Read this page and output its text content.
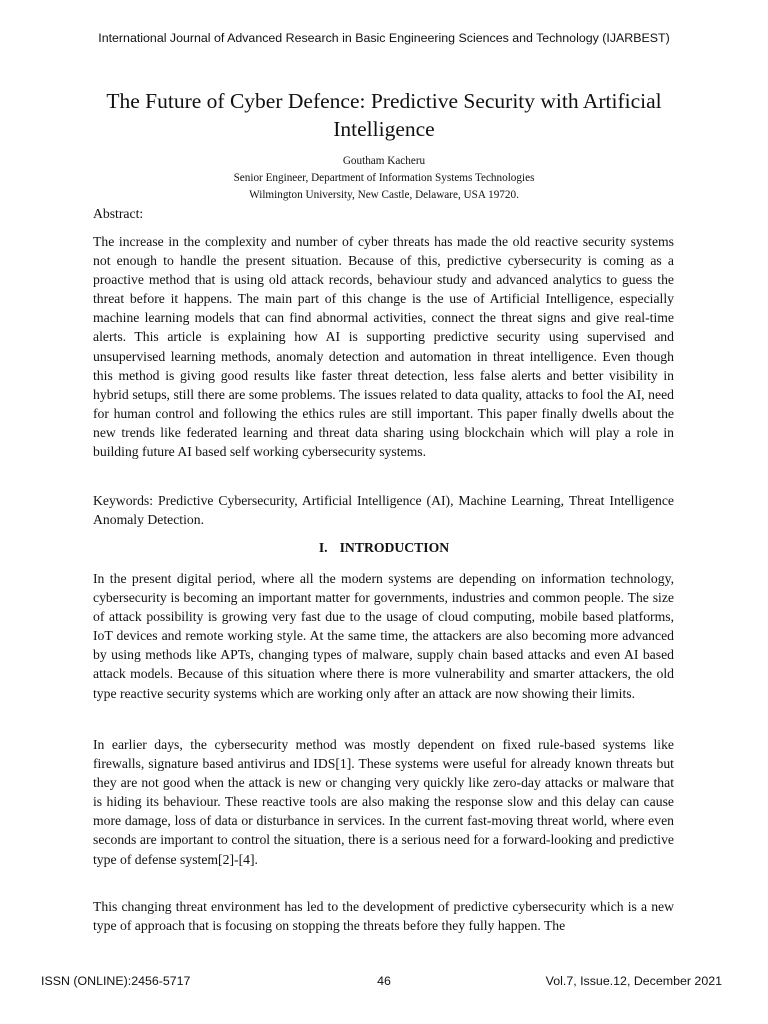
International Journal of Advanced Research in Basic Engineering Sciences and Technology (IJARBEST)
The Future of Cyber Defence: Predictive Security with Artificial Intelligence
Goutham Kacheru
Senior Engineer, Department of Information Systems Technologies
Wilmington University, New Castle, Delaware, USA 19720.
Abstract:

The increase in the complexity and number of cyber threats has made the old reactive security systems not enough to handle the present situation. Because of this, predictive cybersecurity is coming as a proactive method that is using old attack records, behaviour study and advanced analytics to guess the threat before it happens. The main part of this change is the use of Artificial Intelligence, especially machine learning models that can find abnormal activities, connect the threat signs and give real-time alerts. This article is explaining how AI is supporting predictive security using supervised and unsupervised learning methods, anomaly detection and automation in threat intelligence. Even though this method is giving good results like faster threat detection, less false alerts and better visibility in hybrid setups, still there are some problems. The issues related to data quality, attacks to fool the AI, need for human control and following the ethics rules are still important. This paper finally dwells about the new trends like federated learning and threat data sharing using blockchain which will play a role in building future AI based self working cybersecurity systems.

Keywords: Predictive Cybersecurity, Artificial Intelligence (AI), Machine Learning, Threat Intelligence Anomaly Detection.

I. INTRODUCTION

In the present digital period, where all the modern systems are depending on information technology, cybersecurity is becoming an important matter for governments, industries and common people. The size of attack possibility is growing very fast due to the usage of cloud computing, mobile based platforms, IoT devices and remote working style. At the same time, the attackers are also becoming more advanced by using methods like APTs, changing types of malware, supply chain based attacks and even AI based attack models. Because of this situation where there is more vulnerability and smarter attackers, the old type reactive security systems which are working only after an attack are now showing their limits.

In earlier days, the cybersecurity method was mostly dependent on fixed rule-based systems like firewalls, signature based antivirus and IDS[1]. These systems were useful for already known threats but they are not good when the attack is new or changing very quickly like zero-day attacks or malware that is hiding its behaviour. These reactive tools are also making the response slow and this delay can cause more damage, loss of data or disturbance in services. In the current fast-moving threat world, where even seconds are important to control the situation, there is a serious need for a forward-looking and predictive type of defense system[2]-[4].

This changing threat environment has led to the development of predictive cybersecurity which is a new type of approach that is focusing on stopping the threats before they fully happen. The

ISSN (ONLINE):2456-5717	46	Vol.7, Issue.12, December 2021
